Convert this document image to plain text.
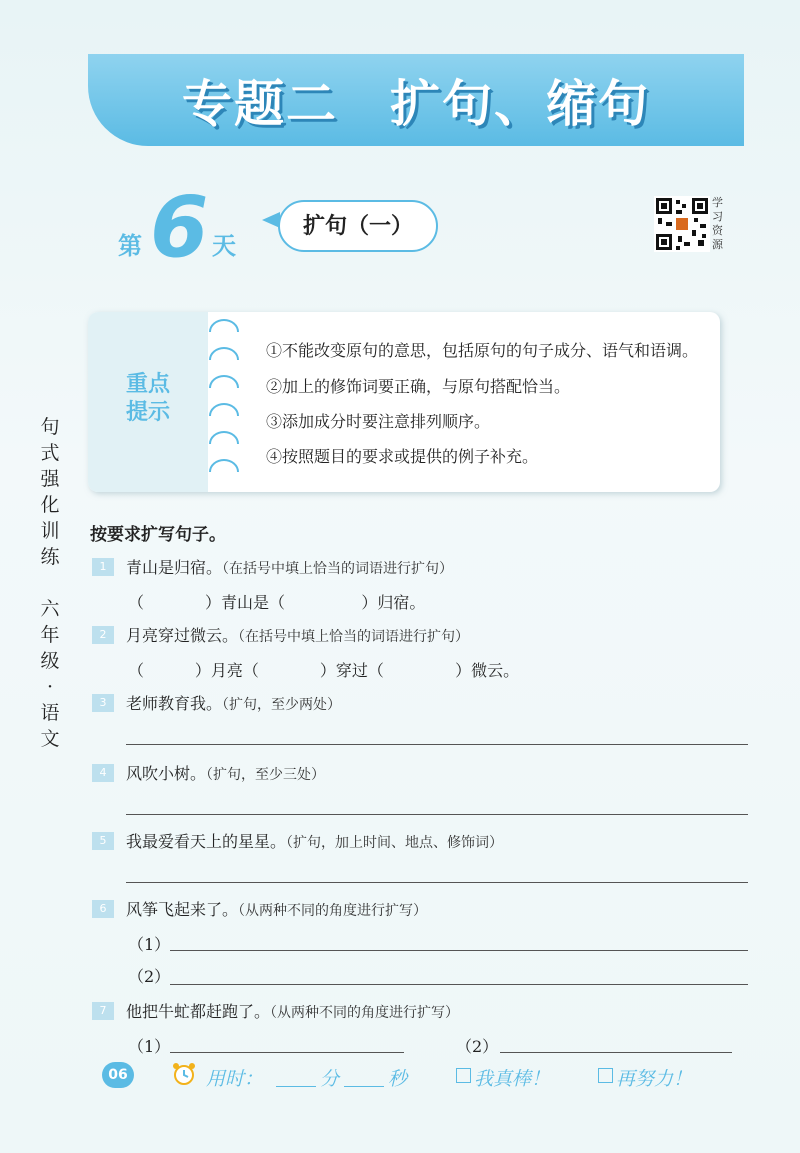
专题二　扩句、缩句
第 6 天
扩句（一）
学习资源
重点提示
①不能改变原句的意思，包括原句的句子成分、语气和语调。
②加上的修饰词要正确，与原句搭配恰当。
③添加成分时要注意排列顺序。
④按照题目的要求或提供的例子补充。
句式强化训练
六年级·语文
按要求扩写句子。
1	青山是归宿。（在括号中填上恰当的词语进行扩句）
（            ）青山是（               ）归宿。
2	月亮穿过微云。（在括号中填上恰当的词语进行扩句）
（          ）月亮（            ）穿过（              ）微云。
3	老师教育我。（扩句，至少两处）
4	风吹小树。（扩句，至少三处）
5	我最爱看天上的星星。（扩句，加上时间、地点、修饰词）
6	风筝飞起来了。（从两种不同的角度进行扩写）
（1）
（2）
7	他把牛虻都赶跑了。（从两种不同的角度进行扩写）
（1）	（2）
06	用时：	分	秒	我真棒！	再努力！
